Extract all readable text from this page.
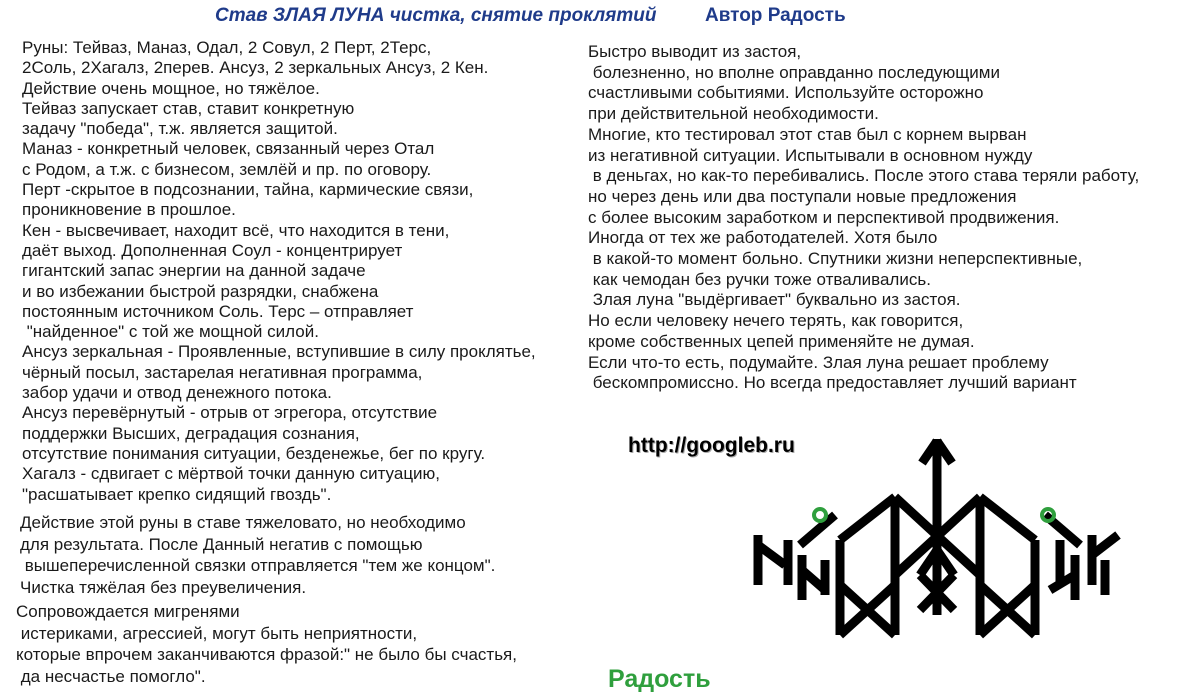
Став ЗЛАЯ ЛУНА чистка, снятие проклятий	Автор Радость
Руны: Тейваз, Маназ, Одал, 2 Совул, 2 Перт, 2Терс,
2Соль, 2Хагалз, 2перев. Ансуз, 2 зеркальных Ансуз, 2 Кен.
Действие очень мощное, но тяжёлое.
Тейваз запускает став, ставит конкретную
задачу "победа", т.ж. является защитой.
Маназ - конкретный человек, связанный через Отал
с Родом, а т.ж. с бизнесом, землёй и пр. по оговору.
Перт -скрытое в подсознании, тайна, кармические связи,
проникновение в прошлое.
Кен - высвечивает, находит всё, что находится в тени,
даёт выход. Дополненная Соул - концентрирует
гигантский запас энергии на данной задаче
и во избежании быстрой разрядки, снабжена
постоянным источником Соль. Терс – отправляет
"найденное" с той же мощной силой.
Ансуз зеркальная - Проявленные, вступившие в силу проклятье,
чёрный посыл, застарелая негативная программа,
забор удачи и отвод денежного потока.
Ансуз перевёрнутый - отрыв от эгрегора, отсутствие
поддержки Высших, деградация сознания,
отсутствие понимания ситуации, безденежье, бег по кругу.
Хагалз - сдвигает с мёртвой точки данную ситуацию,
"расшатывает крепко сидящий гвоздь".
Действие этой руны в ставе тяжеловато, но необходимо
для результата. После Данный негатив с помощью
вышеперечисленной связки отправляется "тем же концом".
Чистка тяжёлая без преувеличения.
Сопровождается мигренями
истериками, агрессией, могут быть неприятности,
которые впрочем заканчиваются фразой:" не было бы счастья,
да несчастье помогло".
Быстро выводит из застоя,
болезненно, но вполне оправданно последующими
счастливыми событиями. Используйте осторожно
при действительной необходимости.
Многие, кто тестировал этот став был с корнем вырван
из негативной ситуации. Испытывали в основном нужду
в деньгах, но как-то перебивались. После этого става теряли работу,
но через день или два поступали новые предложения
с более высоким заработком и перспективой продвижения.
Иногда от тех же работодателей. Хотя было
в какой-то момент больно. Спутники жизни неперспективные,
как чемодан без ручки тоже отваливались.
Злая луна "выдёргивает" буквально из застоя.
Но если человеку нечего терять, как говорится,
кроме собственных цепей применяйте не думая.
Если что-то есть, подумайте. Злая луна решает проблему
бескомпромиссно. Но всегда предоставляет лучший вариант
http://googleb.ru
Радость
